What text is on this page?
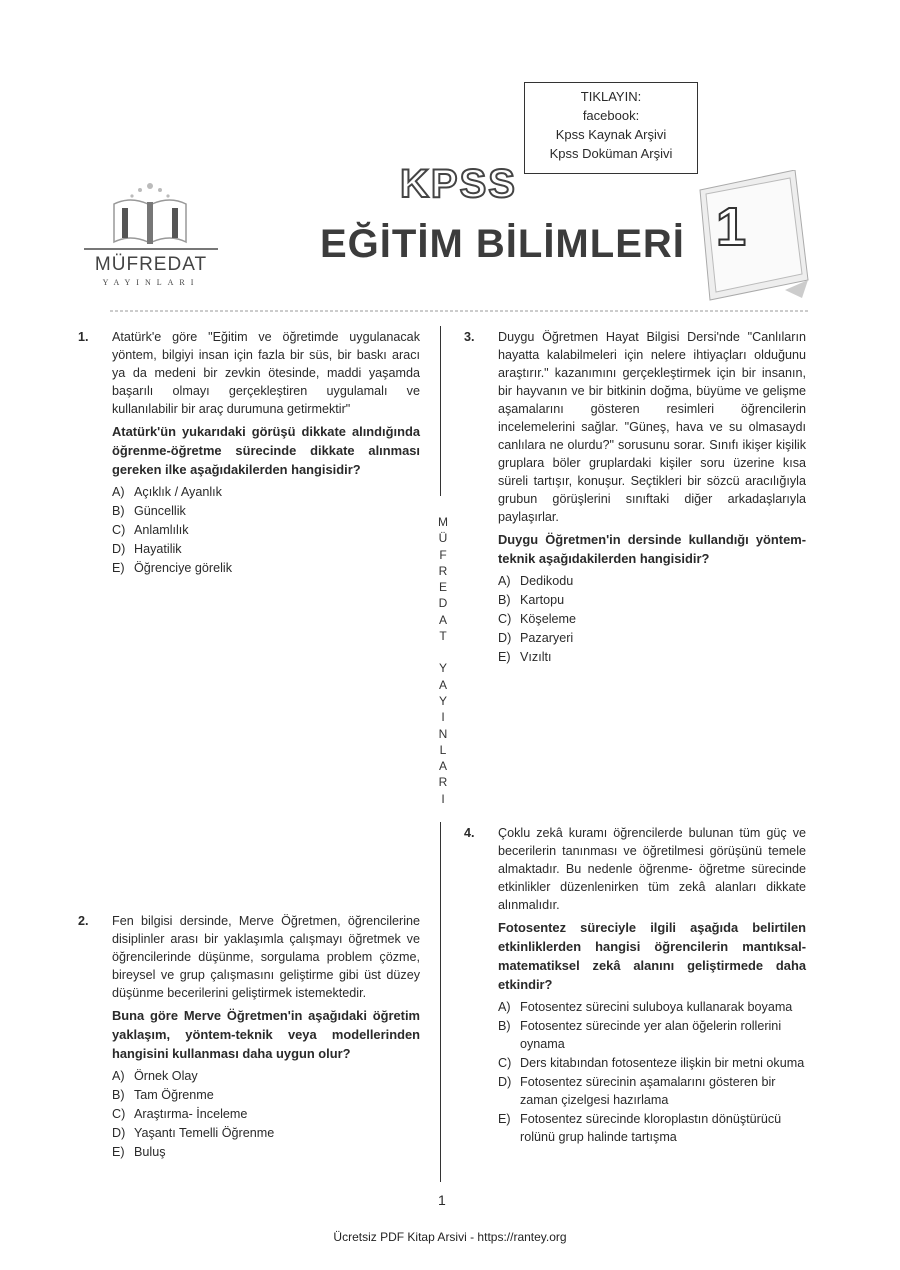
TIKLAYIN:
facebook:
Kpss Kaynak Arşivi
Kpss Doküman Arşivi
MÜFREDAT
YAYINLARI
KPSS
EĞİTİM BİLİMLERİ 1
M
Ü
F
R
E
D
A
T
Y
A
Y
I
N
L
A
R
I
1. Atatürk'e göre "Eğitim ve öğretimde uygulanacak yöntem, bilgiyi insan için fazla bir süs, bir baskı aracı ya da medeni bir zevkin ötesinde, maddi yaşamda başarılı olmayı gerçekleştiren uygulamalı ve kullanılabilir bir araç durumuna getirmektir"

Atatürk'ün yukarıdaki görüşü dikkate alındığında öğrenme-öğretme sürecinde dikkate alınması gereken ilke aşağıdakilerden hangisidir?

A) Açıklık / Ayanlık
B) Güncellik
C) Anlamlılık
D) Hayatilik
E) Öğrenciye görelik
2. Fen bilgisi dersinde, Merve Öğretmen, öğrencilerine disiplinler arası bir yaklaşımla çalışmayı öğretmek ve öğrencilerinde düşünme, sorgulama problem çözme, bireysel ve grup çalışmasını geliştirme gibi üst düzey düşünme becerilerini geliştirmek istemektedir.

Buna göre Merve Öğretmen'in aşağıdaki öğretim yaklaşım, yöntem-teknik veya modellerinden hangisini kullanması daha uygun olur?

A) Örnek Olay
B) Tam Öğrenme
C) Araştırma- İnceleme
D) Yaşantı Temelli Öğrenme
E) Buluş
3. Duygu Öğretmen Hayat Bilgisi Dersi'nde "Canlıların hayatta kalabilmeleri için nelere ihtiyaçları olduğunu araştırır." kazanımını gerçekleştirmek için bir insanın, bir hayvanın ve bir bitkinin doğma, büyüme ve gelişme aşamalarını gösteren resimleri öğrencilerin incelemelerini sağlar. "Güneş, hava ve su olmasaydı canlılara ne olurdu?" sorusunu sorar. Sınıfı ikişer kişilik gruplara böler gruplardaki kişiler soru üzerine kısa süreli tartışır, konuşur. Seçtikleri bir sözcü aracılığıyla grubun görüşlerini sınıftaki diğer arkadaşlarıyla paylaşırlar.

Duygu Öğretmen'in dersinde kullandığı yöntem-teknik aşağıdakilerden hangisidir?

A) Dedikodu
B) Kartopu
C) Köşeleme
D) Pazaryeri
E) Vızıltı
4. Çoklu zekâ kuramı öğrencilerde bulunan tüm güç ve becerilerin tanınması ve öğretilmesi görüşünü temele almaktadır. Bu nedenle öğrenme- öğretme sürecinde etkinlikler düzenlenirken tüm zekâ alanları dikkate alınmalıdır.

Fotosentez süreciyle ilgili aşağıda belirtilen etkinliklerden hangisi öğrencilerin mantıksal-matematiksel zekâ alanını geliştirmede daha etkindir?

A) Fotosentez sürecini suluboya kullanarak boyama
B) Fotosentez sürecinde yer alan öğelerin rollerini oynama
C) Ders kitabından fotosenteze ilişkin bir metni okuma
D) Fotosentez sürecinin aşamalarını gösteren bir zaman çizelgesi hazırlama
E) Fotosentez sürecinde kloroplastın dönüştürücü rolünü grup halinde tartışma
1
Ücretsiz PDF Kitap Arsivi - https://rantey.org
